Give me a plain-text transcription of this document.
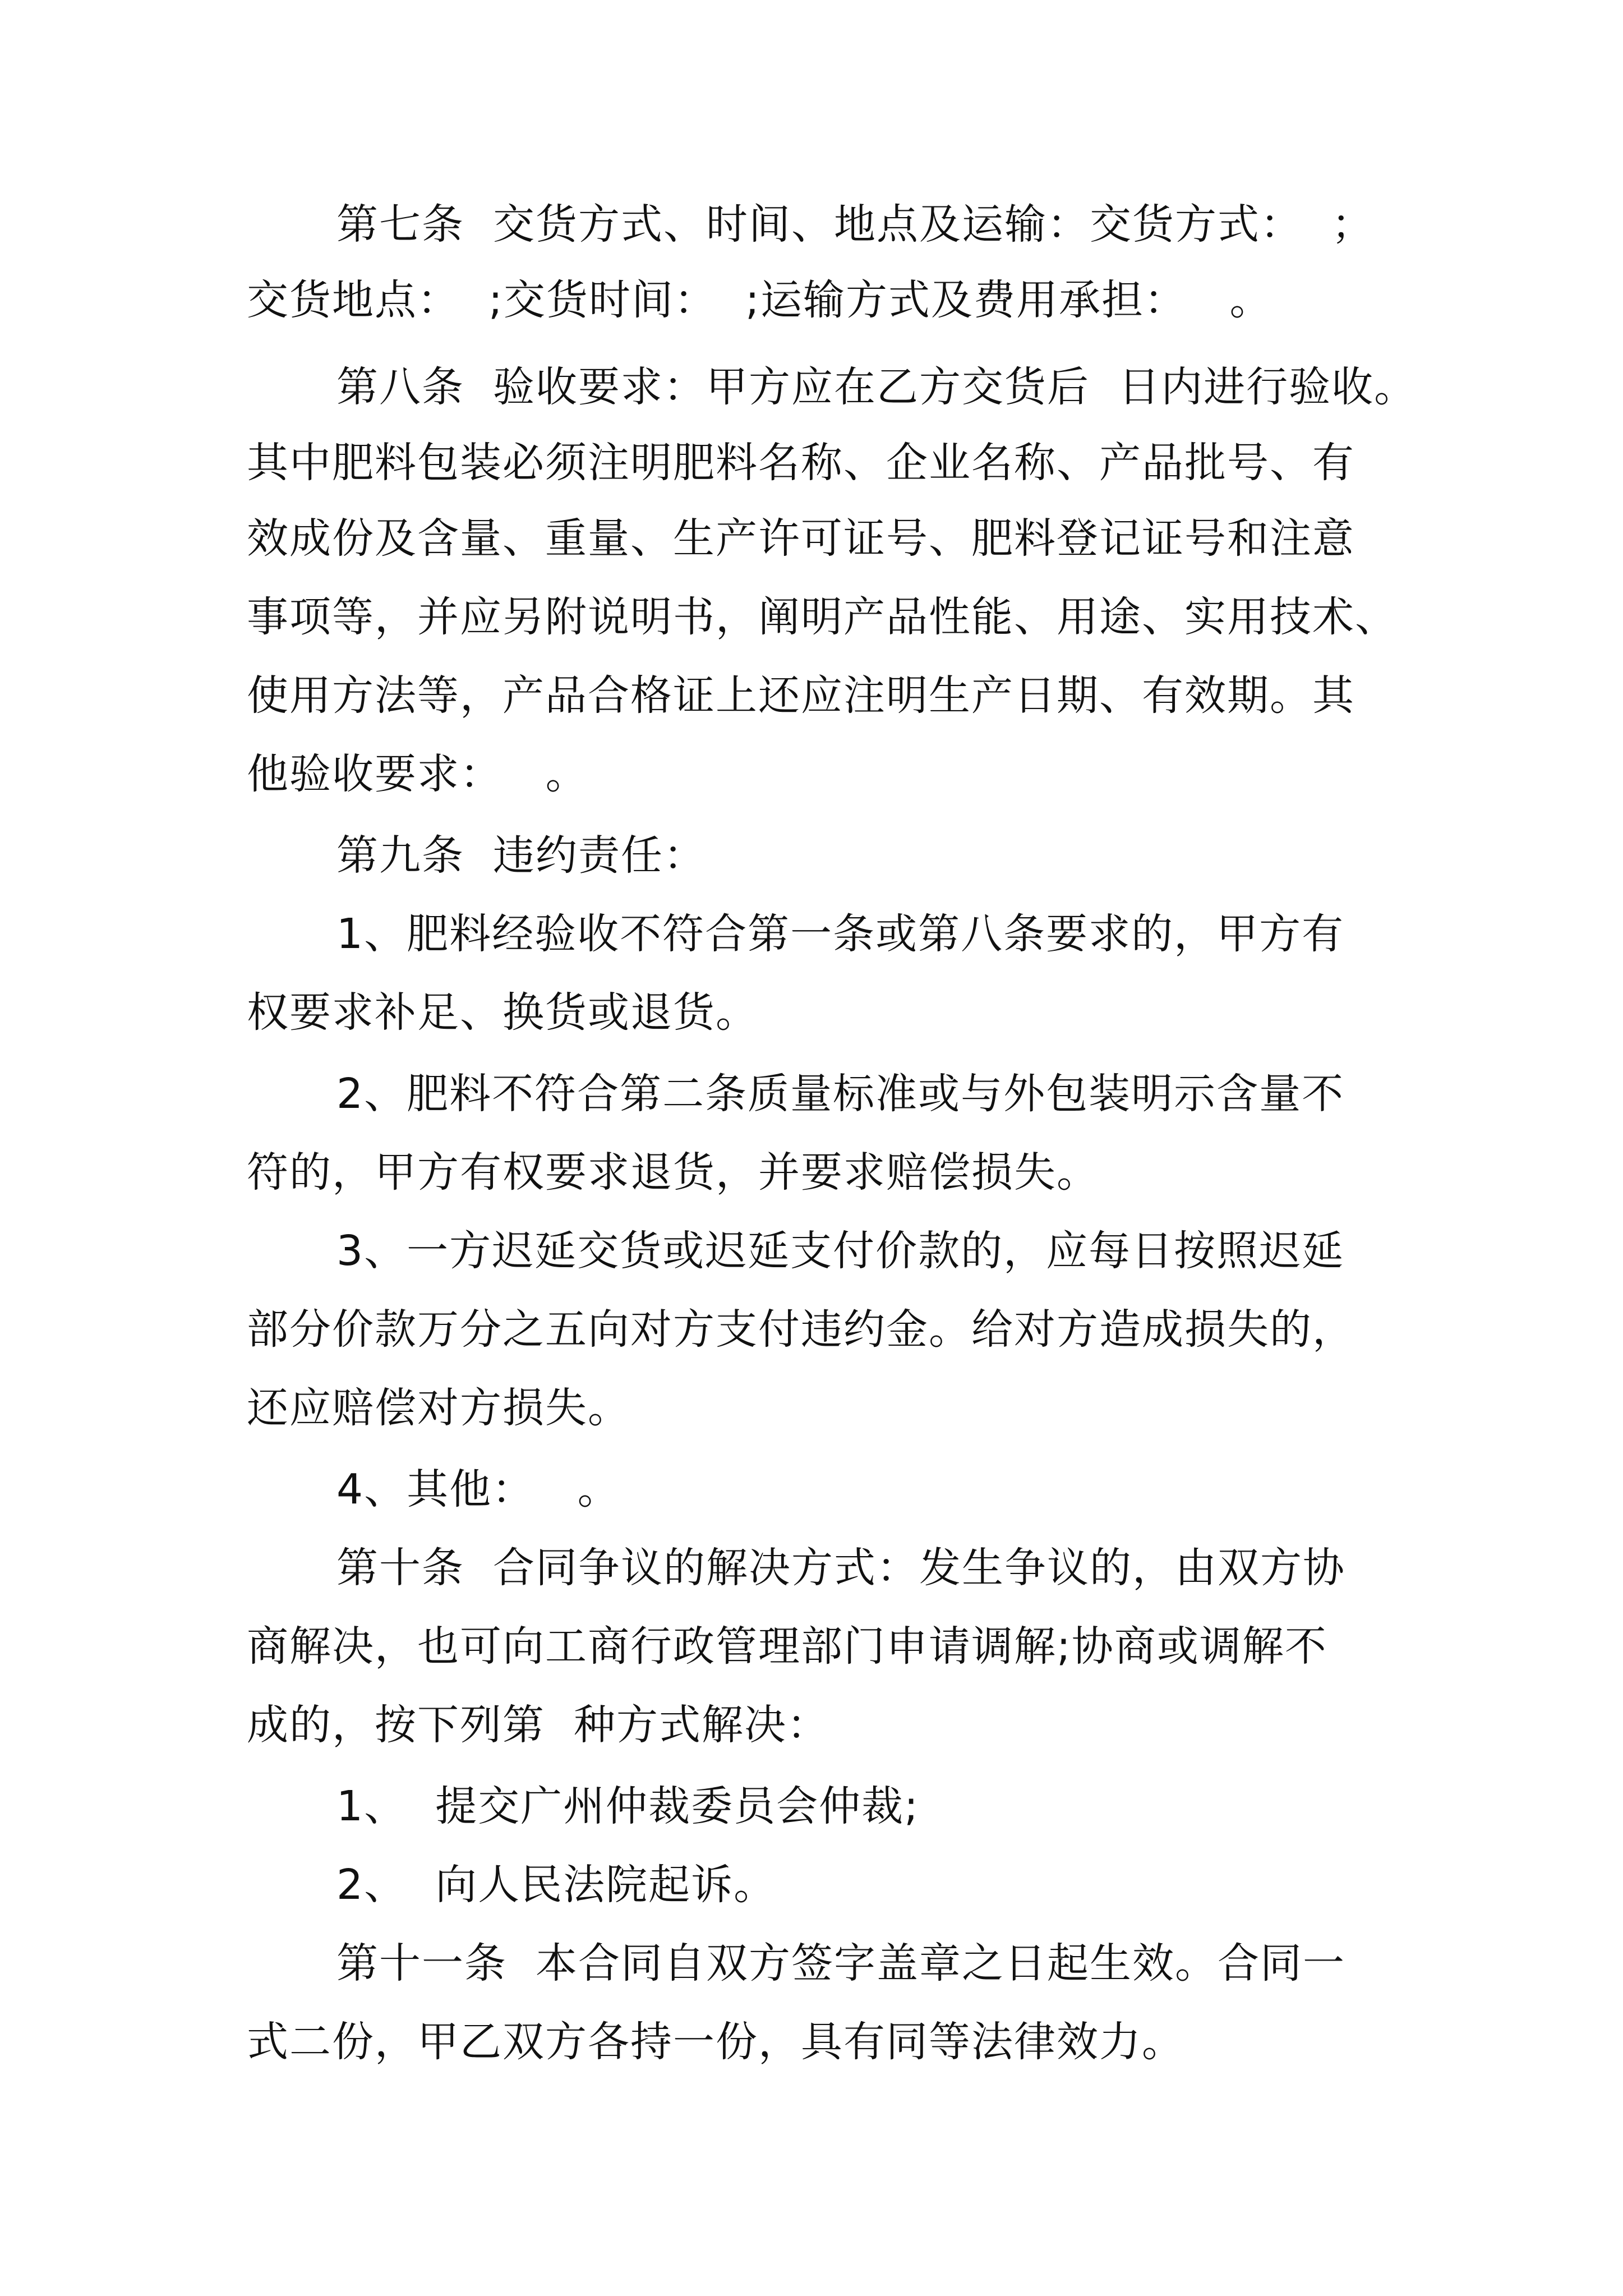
第七条  交货方式、时间、地点及运输：交货方式：  ；
交货地点：  ;交货时间：  ;运输方式及费用承担：   。
第八条  验收要求：甲方应在乙方交货后  日内进行验收。
其中肥料包装必须注明肥料名称、企业名称、产品批号、有
效成份及含量、重量、生产许可证号、肥料登记证号和注意
事项等，并应另附说明书，阐明产品性能、用途、实用技术、
使用方法等，产品合格证上还应注明生产日期、有效期。其
他验收要求：   。
第九条  违约责任：
1、肥料经验收不符合第一条或第八条要求的，甲方有
权要求补足、换货或退货。
2、肥料不符合第二条质量标准或与外包装明示含量不
符的，甲方有权要求退货，并要求赔偿损失。
3、一方迟延交货或迟延支付价款的，应每日按照迟延
部分价款万分之五向对方支付违约金。给对方造成损失的，
还应赔偿对方损失。
4、其他：   。
第十条  合同争议的解决方式：发生争议的，由双方协
商解决，也可向工商行政管理部门申请调解;协商或调解不
成的，按下列第  种方式解决：
1、  提交广州仲裁委员会仲裁;
2、  向人民法院起诉。
第十一条  本合同自双方签字盖章之日起生效。合同一
式二份，甲乙双方各持一份，具有同等法律效力。
